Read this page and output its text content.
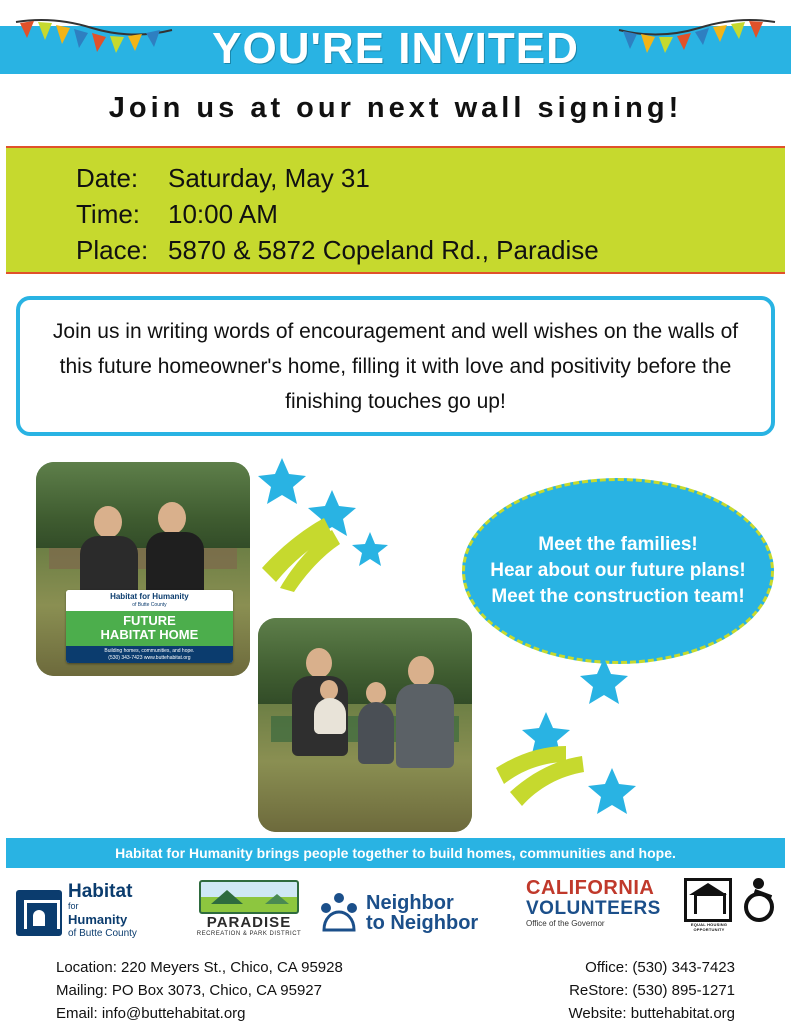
YOU'RE INVITED
Join us at our next wall signing!
Date:	Saturday, May 31
Time:	10:00 AM
Place: 5870 & 5872 Copeland Rd., Paradise
Join us in writing words of encouragement and well wishes on the walls of this future homeowner's home, filling it with love and positivity before the finishing touches go up!
Habitat for Humanity
of Butte County
FUTURE
HABITAT HOME
Building homes, communities, and hope.
(530) 343-7423 www.buttehabitat.org
Meet the families!
Hear about our future plans!
Meet the construction team!
Habitat for Humanity brings people together to build homes, communities and hope.
Habitat
for
Humanity
of Butte County
PARADISE
RECREATION & PARK DISTRICT
Neighbor
to Neighbor
CALIFORNIA
VOLUNTEERS
Office of the Governor	EQUAL HOUSING OPPORTUNITY
Location: 220 Meyers St., Chico, CA 95928
Mailing: PO Box 3073, Chico, CA 95927
Email: info@buttehabitat.org
Office: (530) 343-7423
ReStore: (530) 895-1271
Website: buttehabitat.org
